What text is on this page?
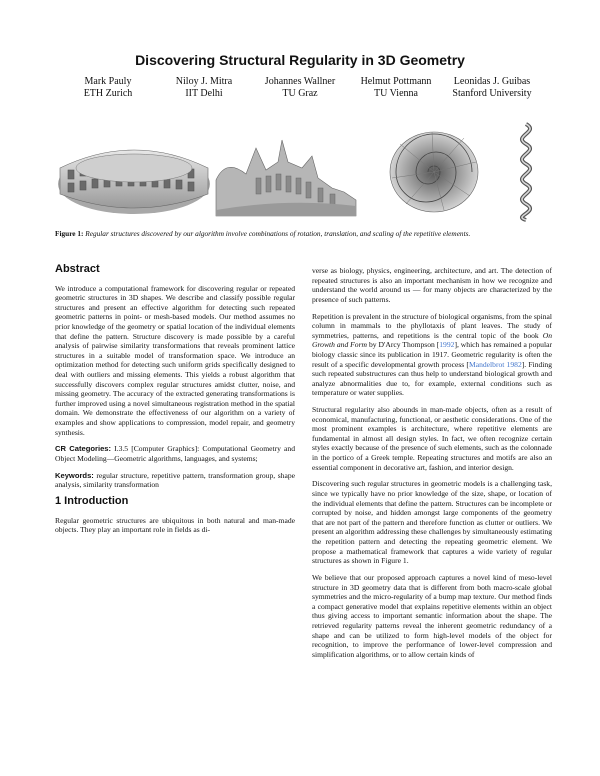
Discovering Structural Regularity in 3D Geometry
Mark Pauly
ETH Zurich
Niloy J. Mitra
IIT Delhi
Johannes Wallner
TU Graz
Helmut Pottmann
TU Vienna
Leonidas J. Guibas
Stanford University
Figure 1: Regular structures discovered by our algorithm involve combinations of rotation, translation, and scaling of the repetitive elements.
Abstract

We introduce a computational framework for discovering regular or repeated geometric structures in 3D shapes. We describe and classify possible regular structures and present an effective algorithm for detecting such repeated geometric patterns in point- or mesh-based models. Our method assumes no prior knowledge of the geometry or spatial location of the individual elements that define the pattern. Structure discovery is made possible by a careful analysis of pairwise similarity transformations that reveals prominent lattice structures in a suitable model of transformation space. We introduce an optimization method for detecting such uniform grids specifically designed to deal with outliers and missing elements. This yields a robust algorithm that successfully discovers complex regular structures amidst clutter, noise, and missing geometry. The accuracy of the extracted generating transformations is further improved using a novel simultaneous registration method in the spatial domain. We demonstrate the effectiveness of our algorithm on a variety of examples and show applications to compression, model repair, and geometry synthesis.

CR Categories: I.3.5 [Computer Graphics]: Computational Geometry and Object Modeling—Geometric algorithms, languages, and systems;

Keywords: regular structure, repetitive pattern, transformation group, shape analysis, similarity transformation

1 Introduction

Regular geometric structures are ubiquitous in both natural and man-made objects. They play an important role in fields as di-

verse as biology, physics, engineering, architecture, and art. The detection of repeated structures is also an important mechanism in how we recognize and understand the world around us — for many objects are characterized by the presence of such patterns.

Repetition is prevalent in the structure of biological organisms, from the spinal column in mammals to the phyllotaxis of plant leaves. The study of symmetries, patterns, and repetitions is the central topic of the book On Growth and Form by D'Arcy Thompson [1992], which has remained a popular biology classic since its publication in 1917. Geometric regularity is often the result of a specific developmental growth process [Mandelbrot 1982]. Finding such repeated substructures can thus help to understand biological growth and analyze abnormalities due to, for example, external conditions such as temperature or water supplies.

Structural regularity also abounds in man-made objects, often as a result of economical, manufacturing, functional, or aesthetic considerations. One of the most prominent examples is architecture, where repetitive elements are fundamental in almost all design styles. In fact, we often recognize certain styles exactly because of the presence of such elements, such as the colonnade in the portico of a Greek temple. Repeating structures and motifs are also an essential component in decorative art, fashion, and interior design.

Discovering such regular structures in geometric models is a challenging task, since we typically have no prior knowledge of the size, shape, or location of the individual elements that define the pattern. Structures can be incomplete or corrupted by noise, and hidden amongst large components of the geometry that are not part of the pattern and therefore function as clutter or outliers. We present an algorithm addressing these challenges by simultaneously estimating the repetition pattern and detecting the repeating geometric element. We propose a mathematical framework that captures a wide variety of regular structures as shown in Figure 1.

We believe that our proposed approach captures a novel kind of meso-level structure in 3D geometry data that is different from both macro-scale global symmetries and the micro-regularity of a bump map texture. Our method finds a compact generative model that explains repetitive elements within an object thus giving access to important semantic information about the shape. The retrieved regularity patterns reveal the inherent geometric redundancy of a shape and can be utilized to form high-level models of the object for recognition, to improve the performance of lower-level compression and simplification algorithms, or to allow certain kinds of
